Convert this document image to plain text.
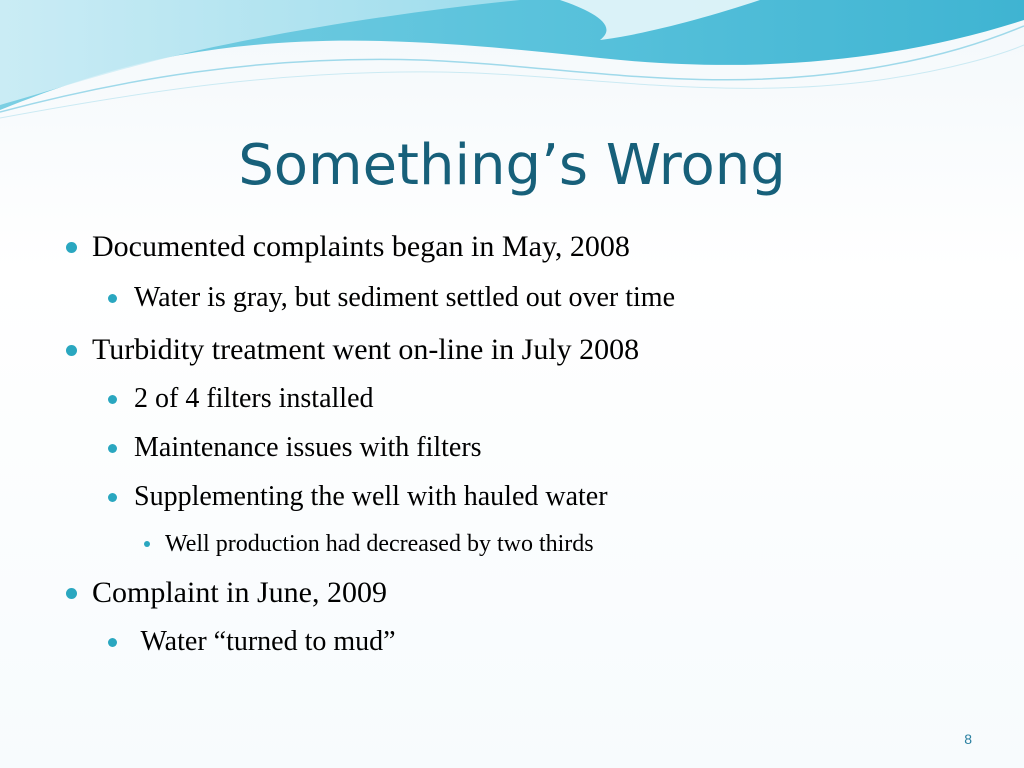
Something’s Wrong
Documented complaints began in May, 2008
Water is gray, but sediment settled out over time
Turbidity treatment went on-line in July 2008
2 of 4 filters installed
Maintenance issues with filters
Supplementing the well with hauled water
Well production had decreased by two thirds
Complaint in June, 2009
Water “turned to mud”
8
